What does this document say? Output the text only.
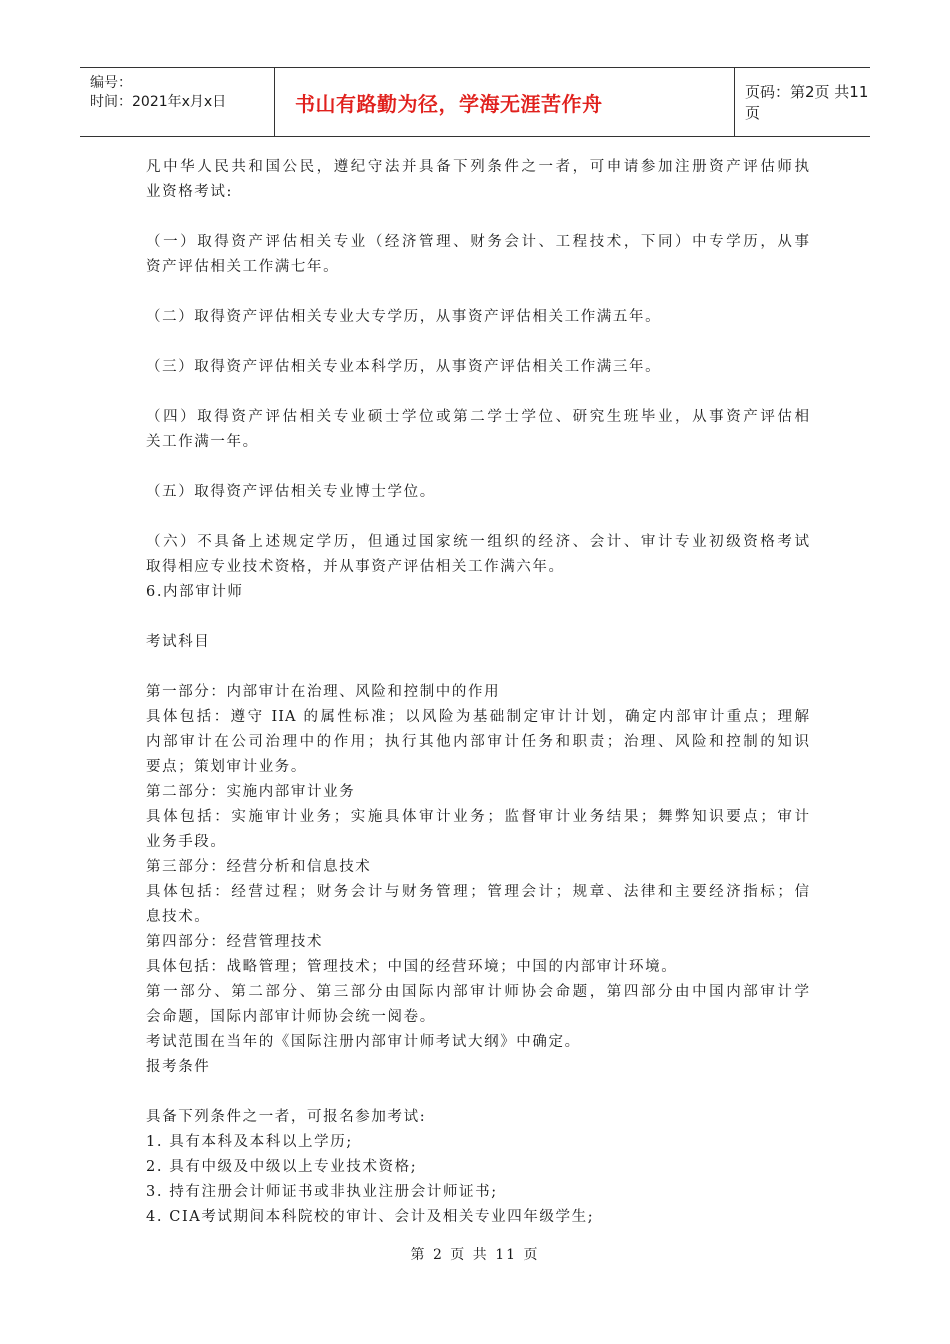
编号：
时间：2021年x月x日	书山有路勤为径，学海无涯苦作舟	页码：第2页 共11页
凡中华人民共和国公民，遵纪守法并具备下列条件之一者，可申请参加注册资产评估师执
业资格考试:
（一）取得资产评估相关专业（经济管理、财务会计、工程技术，下同）中专学历，从事
资产评估相关工作满七年。
（二）取得资产评估相关专业大专学历，从事资产评估相关工作满五年。
（三）取得资产评估相关专业本科学历，从事资产评估相关工作满三年。
（四）取得资产评估相关专业硕士学位或第二学士学位、研究生班毕业，从事资产评估相
关工作满一年。
（五）取得资产评估相关专业博士学位。
（六）不具备上述规定学历，但通过国家统一组织的经济、会计、审计专业初级资格考试
取得相应专业技术资格，并从事资产评估相关工作满六年。
6.内部审计师
考试科目
第一部分：内部审计在治理、风险和控制中的作用
具体包括：遵守 IIA 的属性标准；以风险为基础制定审计计划，确定内部审计重点；理解
内部审计在公司治理中的作用；执行其他内部审计任务和职责；治理、风险和控制的知识
要点；策划审计业务。
第二部分：实施内部审计业务
具体包括：实施审计业务；实施具体审计业务；监督审计业务结果；舞弊知识要点；审计
业务手段。
第三部分：经营分析和信息技术
具体包括：经营过程；财务会计与财务管理；管理会计；规章、法律和主要经济指标；信
息技术。
第四部分：经营管理技术
具体包括：战略管理；管理技术；中国的经营环境；中国的内部审计环境。
第一部分、第二部分、第三部分由国际内部审计师协会命题，第四部分由中国内部审计学
会命题，国际内部审计师协会统一阅卷。
考试范围在当年的《国际注册内部审计师考试大纲》中确定。
报考条件
具备下列条件之一者，可报名参加考试:
1. 具有本科及本科以上学历;
2. 具有中级及中级以上专业技术资格;
3. 持有注册会计师证书或非执业注册会计师证书;
4. CIA考试期间本科院校的审计、会计及相关专业四年级学生;
第 2 页 共 11 页
